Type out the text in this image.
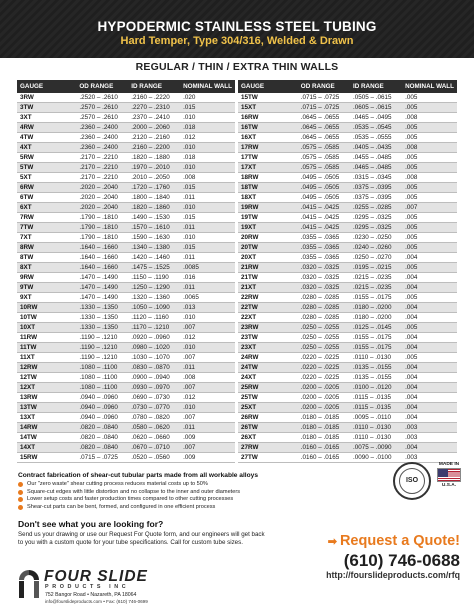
HYPODERMIC STAINLESS STEEL TUBING
Hard Temper, Type 304/316, Welded & Drawn
REGULAR / THIN / EXTRA THIN WALLS
GAUGE	OD RANGE	ID RANGE	NOMINAL WALL
3RW	.2520 – .2610	.2160 – .2220	.020
3TW	.2570 – .2610	.2270 – .2310	.015
3XT	.2570 – .2610	.2370 – .2410	.010
4RW	.2360 – .2400	.2000 – .2060	.018
4TW	.2360 – .2400	.2120 – .2160	.012
4XT	.2360 – .2400	.2160 – .2200	.010
5RW	.2170 – .2210	.1820 – .1880	.018
5TW	.2170 – .2210	.1970 – .2010	.010
5XT	.2170 – .2210	.2010 – .2050	.008
6RW	.2020 – .2040	.1720 – .1760	.015
6TW	.2020 – .2040	.1800 – .1840	.011
6XT	.2020 – .2040	.1820 – .1860	.010
7RW	.1790 – .1810	.1490 – .1530	.015
7TW	.1790 – .1810	.1570 – .1610	.011
7XT	.1790 – .1810	.1590 – .1630	.010
8RW	.1640 – .1660	.1340 – .1380	.015
8TW	.1640 – .1660	.1420 – .1460	.011
8XT	.1640 – .1660	.1475 – .1525	.0085
9RW	.1470 – .1490	.1150 – .1190	.016
9TW	.1470 – .1490	.1250 – .1290	.011
9XT	.1470 – .1490	.1320 – .1360	.0065
10RW	.1330 – .1350	.1050 – .1090	.013
10TW	.1330 – .1350	.1120 – .1160	.010
10XT	.1330 – .1350	.1170 – .1210	.007
11RW	.1190 – .1210	.0920 – .0960	.012
11TW	.1190 – .1210	.0980 – .1020	.010
11XT	.1190 – .1210	.1030 – .1070	.007
12RW	.1080 – .1100	.0830 – .0870	.011
12TW	.1080 – .1100	.0900 – .0940	.008
12XT	.1080 – .1100	.0930 – .0970	.007
13RW	.0940 – .0960	.0690 – .0730	.012
13TW	.0940 – .0960	.0730 – .0770	.010
13XT	.0940 – .0960	.0780 – .0820	.007
14RW	.0820 – .0840	.0580 – .0620	.011
14TW	.0820 – .0840	.0620 – .0660	.009
14XT	.0820 – .0840	.0670 – .0710	.007
15RW	.0715 – .0725	.0520 – .0560	.009
GAUGE	OD RANGE	ID RANGE	NOMINAL WALL
15TW	.0715 – .0725	.0505 – .0615	.005
15XT	.0715 – .0725	.0605 – .0615	.005
16RW	.0645 – .0655	.0465 – .0495	.008
16TW	.0645 – .0655	.0535 – .0545	.005
16XT	.0645 – .0655	.0535 – .0555	.005
17RW	.0575 – .0585	.0405 – .0435	.008
17TW	.0575 – .0585	.0455 – .0485	.005
17XT	.0575 – .0585	.0465 – .0485	.005
18RW	.0495 – .0505	.0315 – .0345	.008
18TW	.0495 – .0505	.0375 – .0395	.005
18XT	.0495 – .0505	.0375 – .0395	.005
19RW	.0415 – .0425	.0255 – .0285	.007
19TW	.0415 – .0425	.0295 – .0325	.005
19XT	.0415 – .0425	.0295 – .0325	.005
20RW	.0355 – .0365	.0230 – .0250	.005
20TW	.0355 – .0365	.0240 – .0260	.005
20XT	.0355 – .0365	.0250 – .0270	.004
21RW	.0320 – .0325	.0195 – .0215	.005
21TW	.0320 – .0325	.0215 – .0235	.004
21XT	.0320 – .0325	.0215 – .0235	.004
22RW	.0280 – .0285	.0155 – .0175	.005
22TW	.0280 – .0285	.0180 – .0200	.004
22XT	.0280 – .0285	.0180 – .0200	.004
23RW	.0250 – .0255	.0125 – .0145	.005
23TW	.0250 – .0255	.0155 – .0175	.004
23XT	.0250 – .0255	.0155 – .0175	.004
24RW	.0220 – .0225	.0110 – .0130	.005
24TW	.0220 – .0225	.0135 – .0155	.004
24XT	.0220 – .0225	.0135 – .0155	.004
25RW	.0200 – .0205	.0100 – .0120	.004
25TW	.0200 – .0205	.0115 – .0135	.004
25XT	.0200 – .0205	.0115 – .0135	.004
26RW	.0180 – .0185	.0095 – .0110	.004
26TW	.0180 – .0185	.0110 – .0130	.003
26XT	.0180 – .0185	.0110 – .0130	.003
27RW	.0160 – .0165	.0075 – .0090	.004
27TW	.0160 – .0165	.0090 – .0100	.003
Contract fabrication of shear-cut tubular parts made from all workable alloys
Our "zero waste" shear cutting process reduces material costs up to 50%
Square-cut edges with little distortion and no collapse to the inner and outer diameters
Lower setup costs and faster production times compared to other cutting processes
Shear-cut parts can be bent, formed, and configured in one efficient process
ISO
MADE IN
U.S.A.
Don't see what you are looking for?

Send us your drawing or use our Request For Quote form, and our engineers will get back

to you with a custom quote for your tube specifications. Call for custom tube sizes.

FOUR SLIDE
PRODUCTS INC
752 Bangor Road • Nazareth, PA 18064
info@fourslideproducts.com • Fax: (610) 746-0699
➡ Request a Quote!
(610) 746-0688
http://fourslideproducts.com/rfq
